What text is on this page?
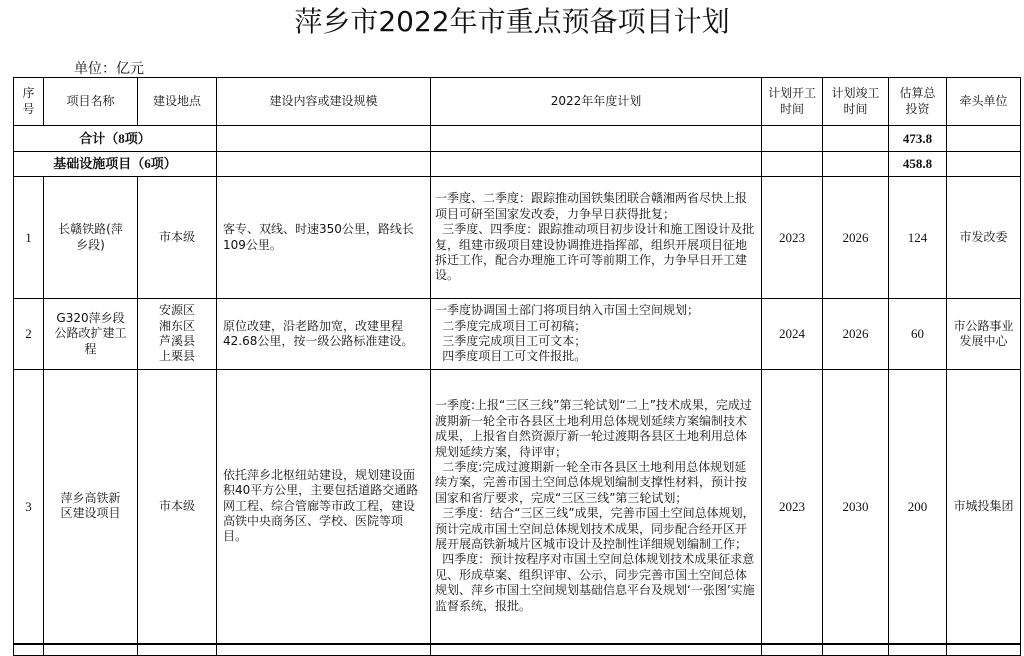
萍乡市2022年市重点预备项目计划
单位：亿元
序号	项目名称	建设地点	建设内容或建设规模	2022年年度计划	计划开工时间	计划竣工时间	估算总投资	牵头单位
合计（8项）							473.8	
基础设施项目（6项）							458.8	
1	长赣铁路(萍乡段)	市本级	客专、双线、时速350公里，路线长109公里。	一季度、二季度：跟踪推动国铁集团联合赣湘两省尽快上报项目可研至国家发改委，力争早日获得批复；

三季度、四季度：跟踪推动项目初步设计和施工图设计及批复，组建市级项目建设协调推进指挥部，组织开展项目征地拆迁工作，配合办理施工许可等前期工作，力争早日开工建设。	2023	2026	124	市发改委
2	G320萍乡段公路改扩建工程	安源区 湘东区 芦溪县 上栗县	原位改建，沿老路加宽，改建里程42.68公里，按一级公路标准建设。	一季度协调国土部门将项目纳入市国土空间规划；

二季度完成项目工可初稿；

三季度完成项目工可文本；

四季度项目工可文件报批。	2024	2026	60	市公路事业发展中心
3	萍乡高铁新区建设项目	市本级	依托萍乡北枢纽站建设，规划建设面积40平方公里，主要包括道路交通路网工程、综合管廊等市政工程，建设高铁中央商务区、学校、医院等项目。	一季度:上报“三区三线”第三轮试划“二上”技术成果，完成过渡期新一轮全市各县区土地利用总体规划延续方案编制技术成果，上报省自然资源厅新一轮过渡期各县区土地利用总体规划延续方案，待评审；

二季度:完成过渡期新一轮全市各县区土地利用总体规划延续方案，完善市国土空间总体规划编制支撑性材料，预计按国家和省厅要求，完成“三区三线”第三轮试划；

三季度：结合“三区三线”成果，完善市国土空间总体规划，预计完成市国土空间总体规划技术成果，同步配合经开区开展开展高铁新城片区城市设计及控制性详细规划编制工作；

四季度：预计按程序对市国土空间总体规划技术成果征求意见、形成草案、组织评审、公示，同步完善市国土空间总体规划、萍乡市国土空间规划基础信息平台及规划‘一张图’实施监督系统，报批。	2023	2030	200	市城投集团
